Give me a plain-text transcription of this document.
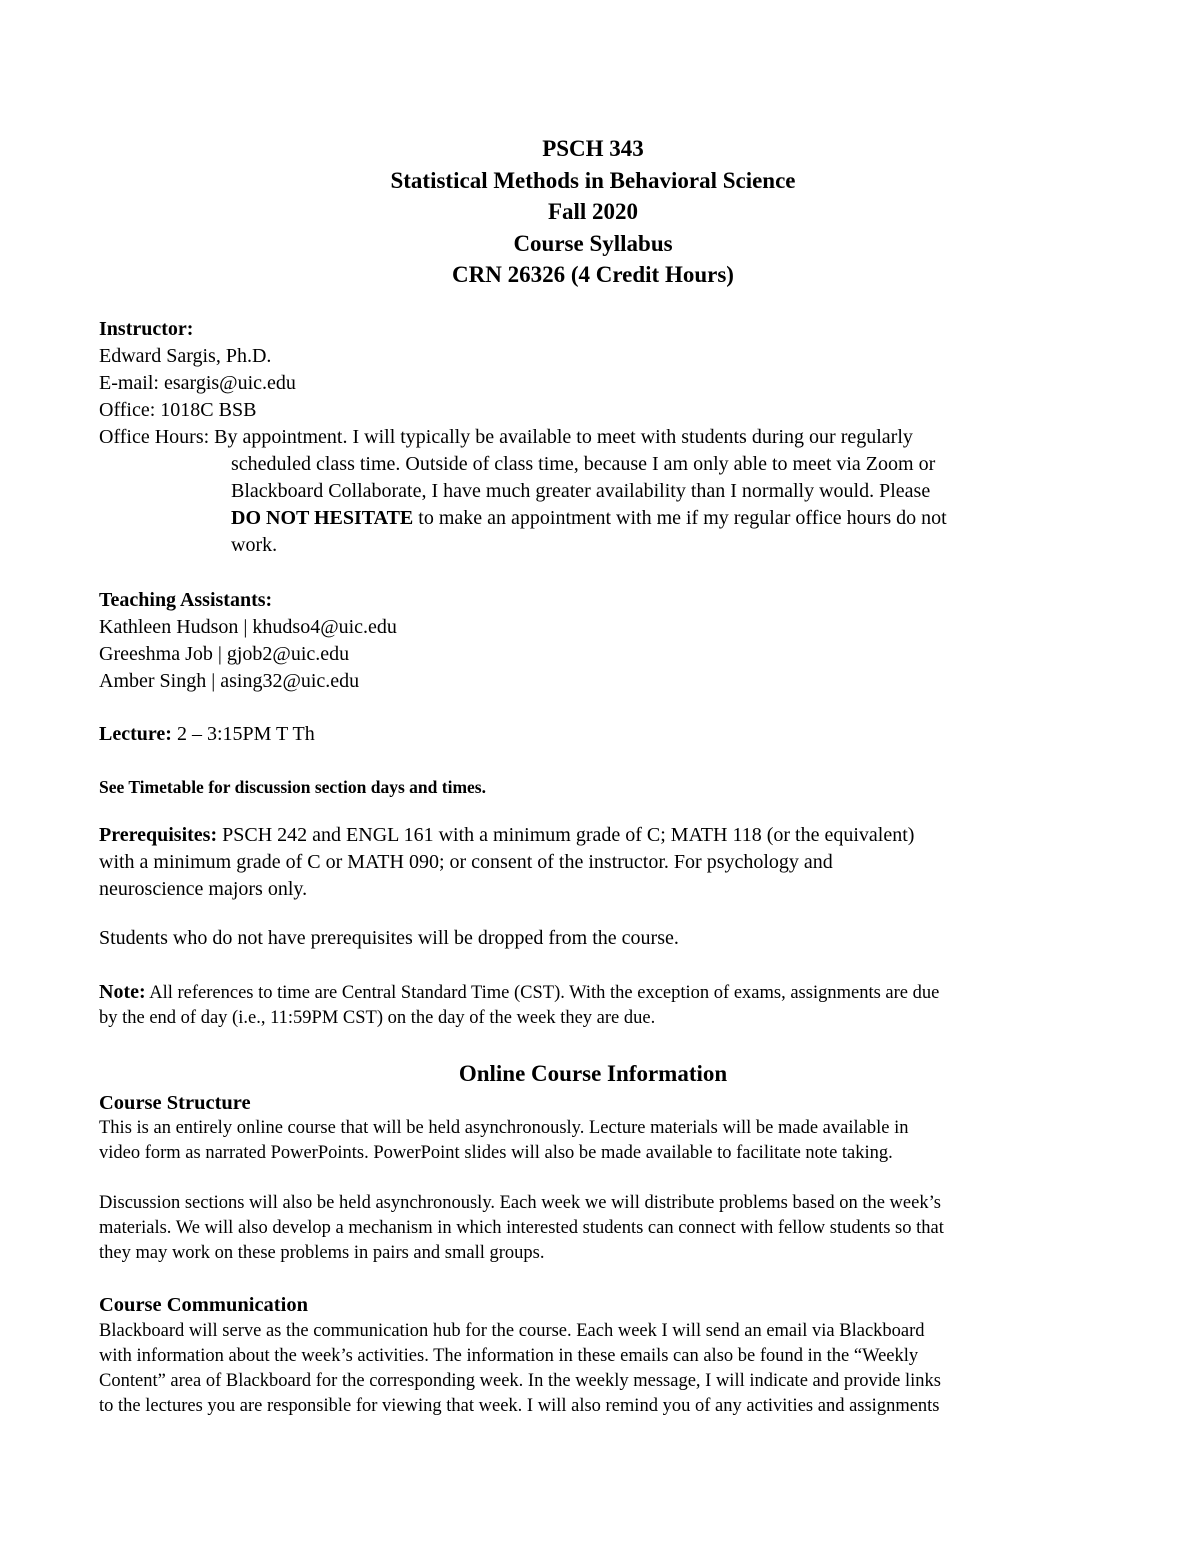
PSCH 343
Statistical Methods in Behavioral Science
Fall 2020
Course Syllabus
CRN 26326 (4 Credit Hours)
Instructor:
Edward Sargis, Ph.D.
E-mail: esargis@uic.edu
Office: 1018C BSB
Office Hours: By appointment. I will typically be available to meet with students during our regularly
scheduled class time. Outside of class time, because I am only able to meet via Zoom or
Blackboard Collaborate, I have much greater availability than I normally would. Please
DO NOT HESITATE to make an appointment with me if my regular office hours do not
work.
Teaching Assistants:
Kathleen Hudson | khudso4@uic.edu
Greeshma Job | gjob2@uic.edu
Amber Singh | asing32@uic.edu
Lecture: 2 – 3:15PM T Th
See Timetable for discussion section days and times.
Prerequisites: PSCH 242 and ENGL 161 with a minimum grade of C; MATH 118 (or the equivalent)
with a minimum grade of C or MATH 090; or consent of the instructor. For psychology and
neuroscience majors only.
Students who do not have prerequisites will be dropped from the course.
Note: All references to time are Central Standard Time (CST). With the exception of exams, assignments are due
by the end of day (i.e., 11:59PM CST) on the day of the week they are due.
Online Course Information
Course Structure
This is an entirely online course that will be held asynchronously. Lecture materials will be made available in
video form as narrated PowerPoints. PowerPoint slides will also be made available to facilitate note taking.
Discussion sections will also be held asynchronously. Each week we will distribute problems based on the week’s
materials. We will also develop a mechanism in which interested students can connect with fellow students so that
they may work on these problems in pairs and small groups.
Course Communication
Blackboard will serve as the communication hub for the course. Each week I will send an email via Blackboard
with information about the week’s activities. The information in these emails can also be found in the “Weekly
Content” area of Blackboard for the corresponding week. In the weekly message, I will indicate and provide links
to the lectures you are responsible for viewing that week. I will also remind you of any activities and assignments
